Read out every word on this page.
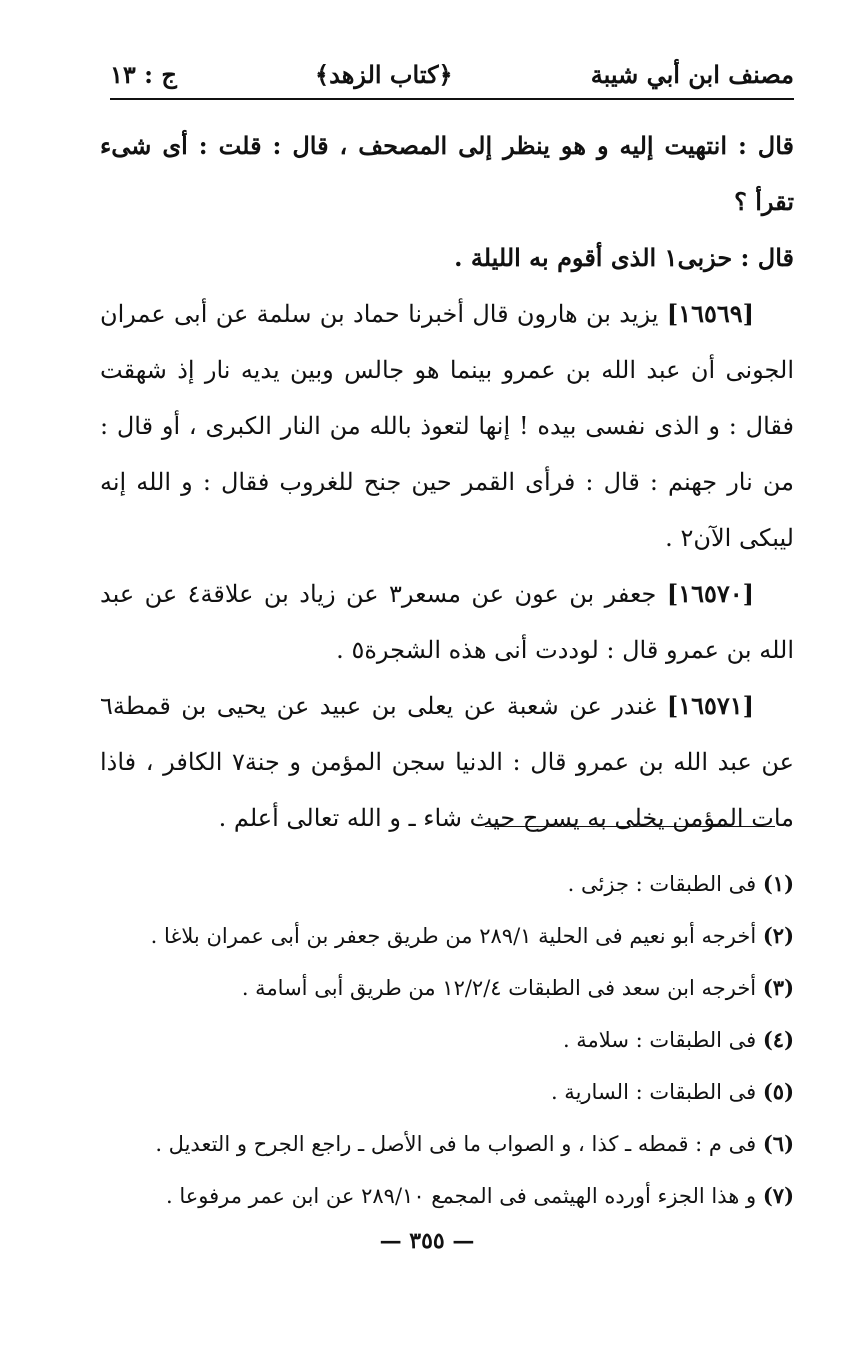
مصنف ابن أبي شيبة
﴿كتاب الزهد﴾
ج : ١٣

قال : انتهيت إليه و هو ينظر إلى المصحف ، قال : قلت : أى شىء تقرأ ؟

قال : حزبى١ الذى أقوم به الليلة .

[١٦٥٦٩] يزيد بن هارون قال أخبرنا حماد بن سلمة عن أبى عمران الجونى أن عبد الله بن عمرو بينما هو جالس وبين يديه نار إذ شهقت فقال : و الذى نفسى بيده ! إنها لتعوذ بالله من النار الكبرى ، أو قال : من نار جهنم : قال : فرأى القمر حين جنح للغروب فقال : و الله إنه ليبكى الآن٢ .

[١٦٥٧٠] جعفر بن عون عن مسعر٣ عن زياد بن علاقة٤ عن عبد الله بن عمرو قال : لوددت أنى هذه الشجرة٥ .

[١٦٥٧١] غندر عن شعبة عن يعلى بن عبيد عن يحيى بن قمطة٦ عن عبد الله بن عمرو قال : الدنيا سجن المؤمن و جنة٧ الكافر ، فاذا مات المؤمن يخلى به يسرح حيث شاء ـ و الله تعالى أعلم .

(١) فى الطبقات : جزئى .

(٢) أخرجه أبو نعيم فى الحلية ٢٨٩/١ من طريق جعفر بن أبى عمران بلاغا .

(٣) أخرجه ابن سعد فى الطبقات ١٢/٢/٤ من طريق أبى أسامة .

(٤) فى الطبقات : سلامة .

(٥) فى الطبقات : السارية .

(٦) فى م : قمطه ـ كذا ، و الصواب ما فى الأصل ـ راجع الجرح و التعديل .

(٧) و هذا الجزء أورده الهيثمى فى المجمع ٢٨٩/١٠ عن ابن عمر مرفوعا .

— ٣٥٥ —
